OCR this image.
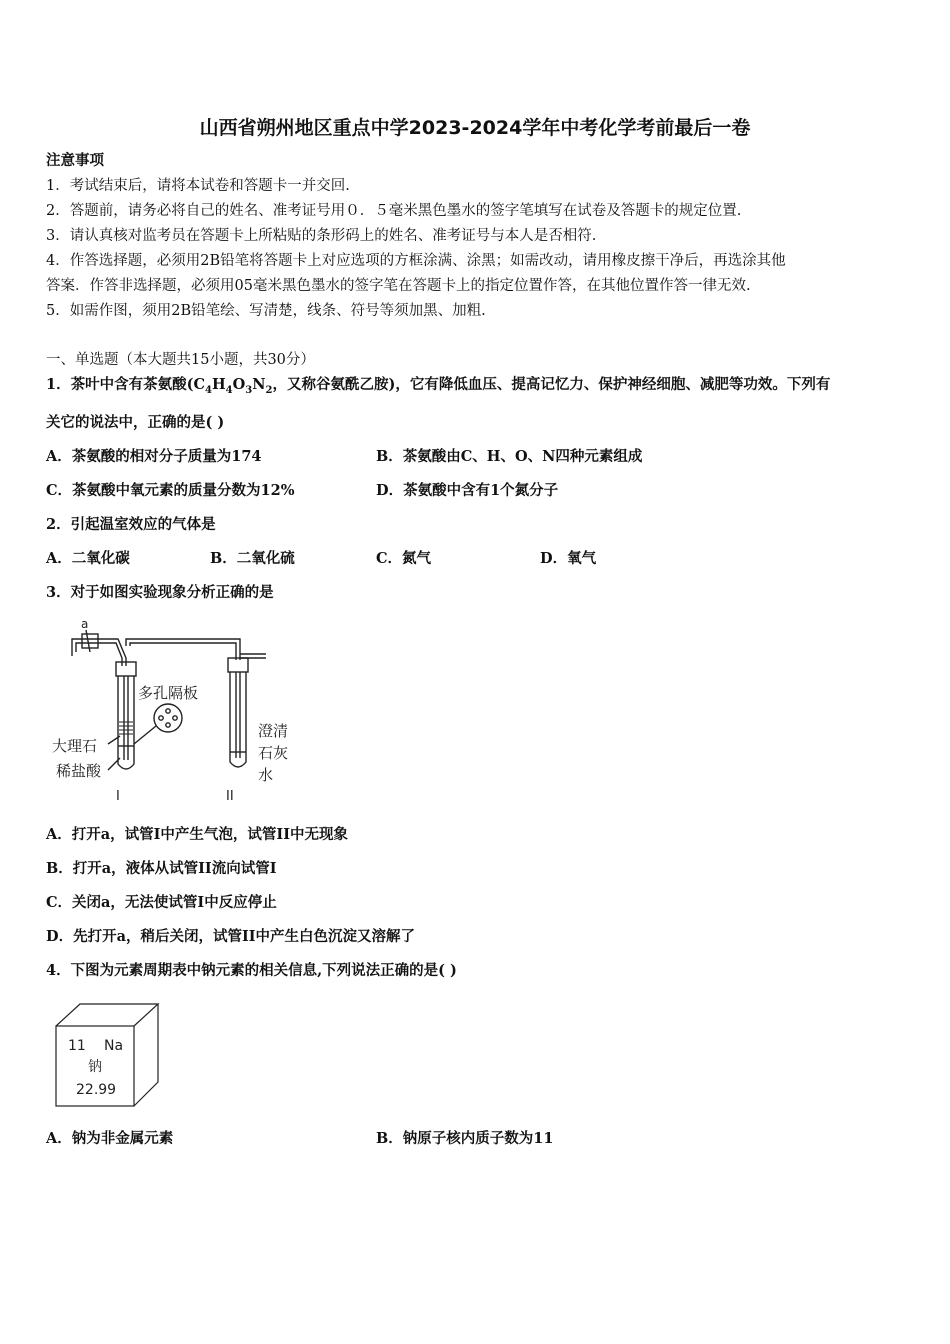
山西省朔州地区重点中学2023-2024学年中考化学考前最后一卷
注意事项
1．考试结束后，请将本试卷和答题卡一并交回.
2．答题前，请务必将自己的姓名、准考证号用０．５毫米黑色墨水的签字笔填写在试卷及答题卡的规定位置.
3．请认真核对监考员在答题卡上所粘贴的条形码上的姓名、准考证号与本人是否相符.
4．作答选择题，必须用2B铅笔将答题卡上对应选项的方框涂满、涂黑；如需改动，请用橡皮擦干净后，再选涂其他
答案．作答非选择题，必须用05毫米黑色墨水的签字笔在答题卡上的指定位置作答，在其他位置作答一律无效.
5．如需作图，须用2B铅笔绘、写清楚，线条、符号等须加黑、加粗.
一、单选题（本大题共15小题，共30分）
1．茶叶中含有茶氨酸($C_4H_4O_3N_2$，又称谷氨酰乙胺)，它有降低血压、提高记忆力、保护神经细胞、减肥等功效。下列有
关它的说法中，正确的是( )
A．茶氨酸的相对分子质量为174	B．茶氨酸由C、H、O、N四种元素组成
C．茶氨酸中氧元素的质量分数为12%	D．茶氨酸中含有1个氮分子
2．引起温室效应的气体是
A．二氧化碳	B．二氧化硫	C．氮气	D．氧气
3．对于如图实验现象分析正确的是
a
多孔隔板
大理石
稀盐酸
澄清
石灰
水
I	II
A．打开a，试管I中产生气泡，试管II中无现象
B．打开a，液体从试管II流向试管I
C．关闭a，无法使试管I中反应停止
D．先打开a，稍后关闭，试管II中产生白色沉淀又溶解了
4．下图为元素周期表中钠元素的相关信息,下列说法正确的是( )
11 Na
钠
22.99
A．钠为非金属元素	B．钠原子核内质子数为11
